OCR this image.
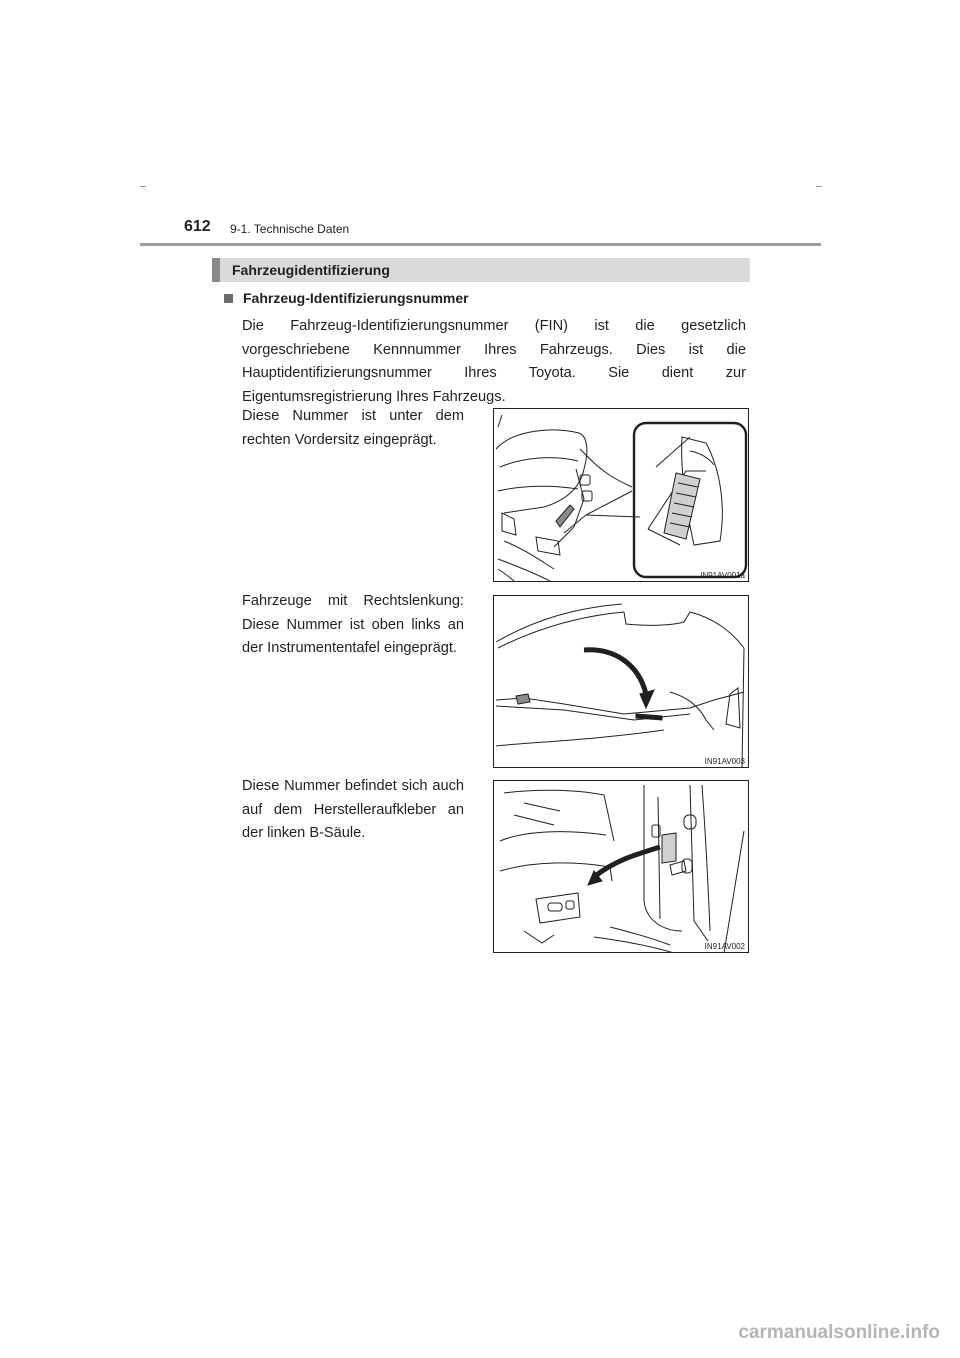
612 9-1. Technische Daten
Fahrzeugidentifizierung
Fahrzeug-Identifizierungsnummer
Die Fahrzeug-Identifizierungsnummer (FIN) ist die gesetzlich vorgeschriebene Kennnummer Ihres Fahrzeugs. Dies ist die Hauptidentifizierungsnummer Ihres Toyota. Sie dient zur Eigentumsregistrierung Ihres Fahrzeugs.
Diese Nummer ist unter dem rechten Vordersitz eingeprägt.
IN91AV001a
Fahrzeuge mit Rechtslenkung: Diese Nummer ist oben links an der Instrumententafel eingeprägt.
IN91AV003
Diese Nummer befindet sich auch auf dem Herstelleraufkleber an der linken B-Säule.
IN91AV002
carmanualsonline.info
